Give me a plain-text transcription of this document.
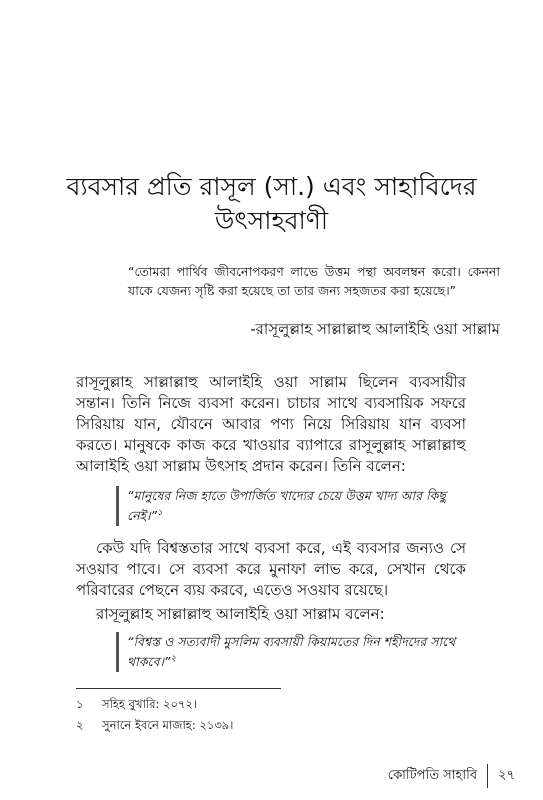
ব্যবসার প্রতি রাসূল (সা.) এবং সাহাবিদের
উৎসাহবাণী
“তোমরা পার্থিব জীবনোপকরণ লাভে উত্তম পন্থা অবলম্বন করো। কেননা যাকে যেজন্য সৃষ্টি করা হয়েছে তা তার জন্য সহজতর করা হয়েছে।”
-রাসূলুল্লাহ সাল্লাল্লাহু আলাইহি ওয়া সাল্লাম

রাসূলুল্লাহ সাল্লাল্লাহু আলাইহি ওয়া সাল্লাম ছিলেন ব্যবসায়ীর সন্তান। তিনি নিজে ব্যবসা করেন। চাচার সাথে ব্যবসায়িক সফরে সিরিয়ায় যান, যৌবনে আবার পণ্য নিয়ে সিরিয়ায় যান ব্যবসা করতে। মানুষকে কাজ করে খাওয়ার ব্যাপারে রাসূলুল্লাহ সাল্লাল্লাহু আলাইহি ওয়া সাল্লাম উৎসাহ প্রদান করেন। তিনি বলেন:

“মানুষের নিজ হাতে উপার্জিত খাদ্যের চেয়ে উত্তম খাদ্য আর কিছু নেই।”$^১$

কেউ যদি বিশ্বস্ততার সাথে ব্যবসা করে, এই ব্যবসার জন্যও সে সওয়াব পাবে। সে ব্যবসা করে মুনাফা লাভ করে, সেখান থেকে পরিবারের পেছনে ব্যয় করবে, এতেও সওয়াব রয়েছে।

রাসূলুল্লাহ সাল্লাল্লাহু আলাইহি ওয়া সাল্লাম বলেন:

“বিশ্বস্ত ও সত্যবাদী মুসলিম ব্যবসায়ী কিয়ামতের দিন শহীদদের সাথে থাকবে।”$^২$
১	সহিহ বুখারি: ২০৭২।
২	সুনানে ইবনে মাজাহ: ২১৩৯।
কোটিপতি সাহাবি ২৭
